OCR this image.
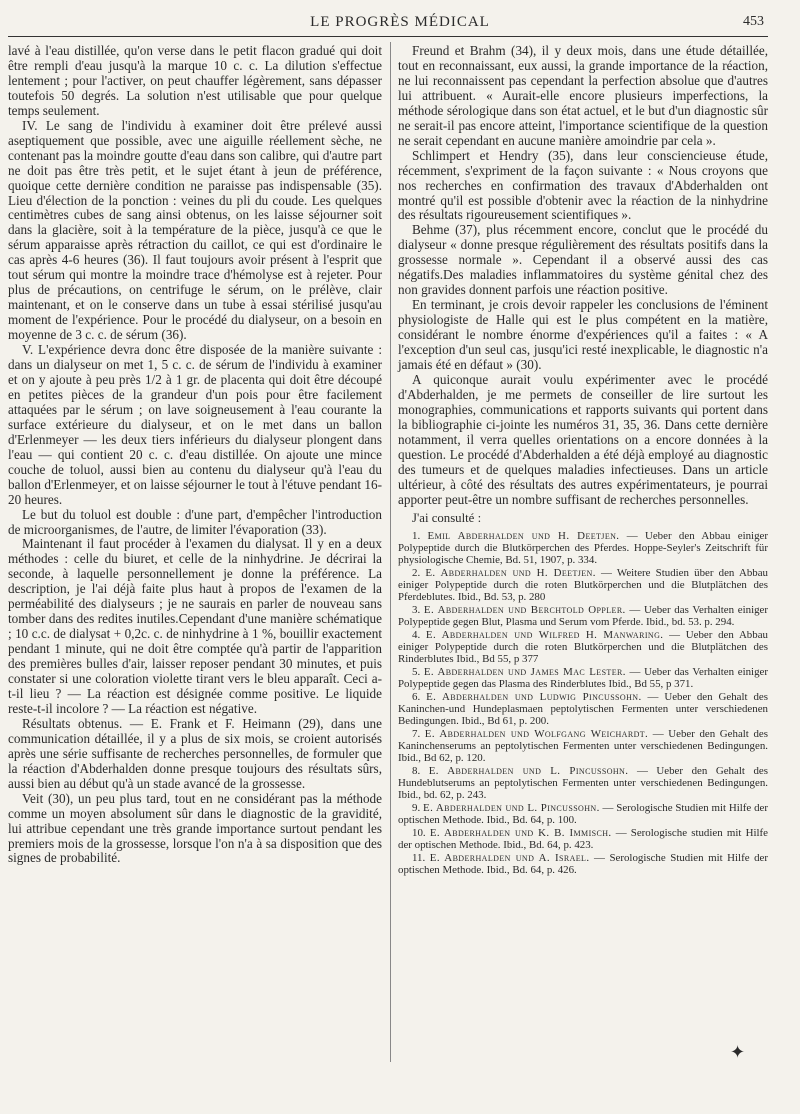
LE PROGRÈS MÉDICAL	453

lavé à l'eau distillée, qu'on verse dans le petit flacon gradué qui doit être rempli d'eau jusqu'à la marque 10 c. c. La dilution s'effectue lentement ; pour l'activer, on peut chauffer légèrement, sans dépasser toutefois 50 degrés. La solution n'est utilisable que pour quelque temps seulement.

IV. Le sang de l'individu à examiner doit être prélevé aussi aseptiquement que possible, avec une aiguille réellement sèche, ne contenant pas la moindre goutte d'eau dans son calibre, qui d'autre part ne doit pas être très petit, et le sujet étant à jeun de préférence, quoique cette dernière condition ne paraisse pas indispensable (35). Lieu d'élection de la ponction : veines du pli du coude. Les quelques centimètres cubes de sang ainsi obtenus, on les laisse séjourner soit dans la glacière, soit à la température de la pièce, jusqu'à ce que le sérum apparaisse après rétraction du caillot, ce qui est d'ordinaire le cas après 4-6 heures (36). Il faut toujours avoir présent à l'esprit que tout sérum qui montre la moindre trace d'hémolyse est à rejeter. Pour plus de précautions, on centrifuge le sérum, on le prélève, clair maintenant, et on le conserve dans un tube à essai stérilisé jusqu'au moment de l'expérience. Pour le procédé du dialyseur, on a besoin en moyenne de 3 c. c. de sérum (36).

V. L'expérience devra donc être disposée de la manière suivante : dans un dialyseur on met 1, 5 c. c. de sérum de l'individu à examiner et on y ajoute à peu près 1/2 à 1 gr. de placenta qui doit être découpé en petites pièces de la grandeur d'un pois pour être facilement attaquées par le sérum ; on lave soigneusement à l'eau courante la surface extérieure du dialyseur, et on le met dans un ballon d'Erlenmeyer — les deux tiers inférieurs du dialyseur plongent dans l'eau — qui contient 20 c. c. d'eau distillée. On ajoute une mince couche de toluol, aussi bien au contenu du dialyseur qu'à l'eau du ballon d'Erlenmeyer, et on laisse séjourner le tout à l'étuve pendant 16-20 heures.

Le but du toluol est double : d'une part, d'empêcher l'introduction de microorganismes, de l'autre, de limiter l'évaporation (33).

Maintenant il faut procéder à l'examen du dialysat. Il y en a deux méthodes : celle du biuret, et celle de la ninhydrine. Je décrirai la seconde, à laquelle personnellement je donne la préférence. La description, je l'ai déjà faite plus haut à propos de l'examen de la perméabilité des dialyseurs ; je ne saurais en parler de nouveau sans tomber dans des redites inutiles.Cependant d'une manière schématique ; 10 c.c. de dialysat + 0,2c. c. de ninhydrine à 1 %, bouillir exactement pendant 1 minute, qui ne doit être comptée qu'à partir de l'apparition des premières bulles d'air, laisser reposer pendant 30 minutes, et puis constater si une coloration violette tirant vers le bleu apparaît. Ceci a-t-il lieu ? — La réaction est désignée comme positive. Le liquide reste-t-il incolore ? — La réaction est négative.

Résultats obtenus. — E. Frank et F. Heimann (29), dans une communication détaillée, il y a plus de six mois, se croient autorisés après une série suffisante de recherches personnelles, de formuler que la réaction d'Abderhalden donne presque toujours des résultats sûrs, aussi bien au début qu'à un stade avancé de la grossesse.

Veit (30), un peu plus tard, tout en ne considérant pas la méthode comme un moyen absolument sûr dans le diagnostic de la gravidité, lui attribue cependant une très grande importance surtout pendant les premiers mois de la grossesse, lorsque l'on n'a à sa disposition que des signes de probabilité.

Freund et Brahm (34), il y deux mois, dans une étude détaillée, tout en reconnaissant, eux aussi, la grande importance de la réaction, ne lui reconnaissent pas cependant la perfection absolue que d'autres lui attribuent. « Aurait-elle encore plusieurs imperfections, la méthode sérologique dans son état actuel, et le but d'un diagnostic sûr ne serait-il pas encore atteint, l'importance scientifique de la question ne serait cependant en aucune manière amoindrie par cela ».

Schlimpert et Hendry (35), dans leur consciencieuse étude, récemment, s'expriment de la façon suivante : « Nous croyons que nos recherches en confirmation des travaux d'Abderhalden ont montré qu'il est possible d'obtenir avec la réaction de la ninhydrine des résultats rigoureusement scientifiques ».

Behme (37), plus récemment encore, conclut que le procédé du dialyseur « donne presque régulièrement des résultats positifs dans la grossesse normale ». Cependant il a observé aussi des cas négatifs.Des maladies inflammatoires du système génital chez des non gravides donnent parfois une réaction positive.

En terminant, je crois devoir rappeler les conclusions de l'éminent physiologiste de Halle qui est le plus compétent en la matière, considérant le nombre énorme d'expériences qu'il a faites : « A l'exception d'un seul cas, jusqu'ici resté inexplicable, le diagnostic n'a jamais été en défaut » (30).

A quiconque aurait voulu expérimenter avec le procédé d'Abderhalden, je me permets de conseiller de lire surtout les monographies, communications et rapports suivants qui portent dans la bibliographie ci-jointe les numéros 31, 35, 36. Dans cette dernière notamment, il verra quelles orientations on a encore données à la question. Le procédé d'Abderhalden a été déjà employé au diagnostic des tumeurs et de quelques maladies infectieuses. Dans un article ultérieur, à côté des résultats des autres expérimentateurs, je pourrai apporter peut-être un nombre suffisant de recherches personnelles.

J'ai consulté :

1. Emil Abderhalden und H. Deetjen. — Ueber den Abbau einiger Polypeptide durch die Blutkörperchen des Pferdes. Hoppe-Seyler's Zeitschrift für physiologische Chemie, Bd. 51, 1907, p. 334.

2. E. Abderhalden und H. Deetjen. — Weitere Studien über den Abbau einiger Polypeptide durch die roten Blutkörperchen und die Blutplätchen des Pferdeblutes. Ibid., Bd. 53, p. 280

3. E. Abderhalden und Berchtold Oppler. — Ueber das Verhalten einiger Polypeptide gegen Blut, Plasma und Serum vom Pferde. Ibid., bd. 53. p. 294.

4. E. Abderhalden und Wilfred H. Manwaring. — Ueber den Abbau einiger Polypeptide durch die roten Blutkörperchen und die Blutplätchen des Rinderblutes Ibid., Bd 55, p 377

5. E. Abderhalden und James Mac Lester. — Ueber das Verhalten einiger Polypeptide gegen das Plasma des Rinderblutes Ibid., Bd 55, p 371.

6. E. Abderhalden und Ludwig Pincussohn. — Ueber den Gehalt des Kaninchen-und Hundeplasmaen peptolytischen Fermenten unter verschiedenen Bedingungen. Ibid., Bd 61, p. 200.

7. E. Abderhalden und Wolfgang Weichardt. — Ueber den Gehalt des Kaninchenserums an peptolytischen Fermenten unter verschiedenen Bedingungen. Ibid., Bd 62, p. 120.

8. E. Abderhalden und L. Pincussohn. — Ueber den Gehalt des Hundeblutserums an peptolytischen Fermenten unter verschiedenen Bedingungen. Ibid., bd. 62, p. 243.

9. E. Abderhalden und L. Pincussohn. — Serologische Studien mit Hilfe der optischen Methode. Ibid., Bd. 64, p. 100.

10. E. Abderhalden und K. B. Immisch. — Serologische studien mit Hilfe der optischen Methode. Ibid., Bd. 64, p. 423.

11. E. Abderhalden und A. Israel. — Serologische Studien mit Hilfe der optischen Methode. Ibid., Bd. 64, p. 426.

✦
